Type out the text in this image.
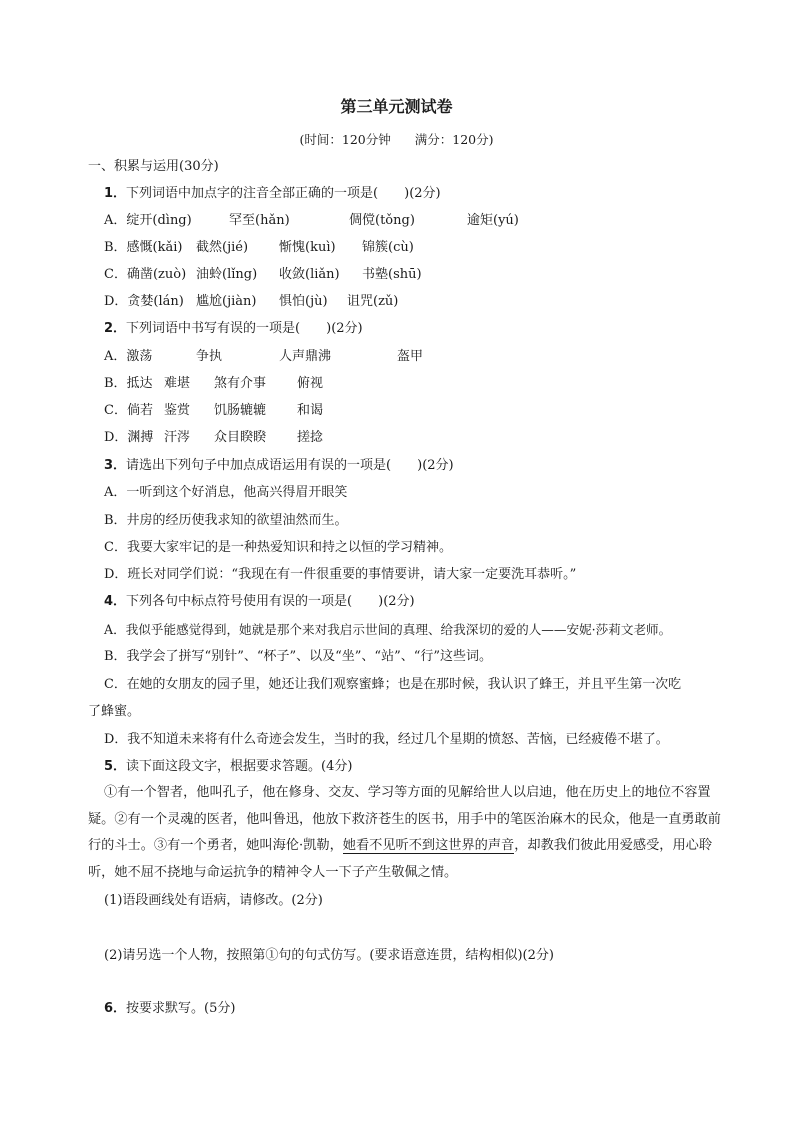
第三单元测试卷
(时间：120分钟 满分：120分)
一、积累与运用(30分)
1．下列词语中加点字的注音全部正确的一项是(　　)(2分)
A．绽开(dìng)	罕至(hǎn)	倜傥(tǒng)	逾矩(yú)
B．感慨(kǎi) 截然(jié) 惭愧(kuì) 锦簇(cù)
C．确凿(zuò) 油蛉(lǐng) 收敛(liǎn) 书塾(shū)
D．贪婪(lán) 尴尬(jiàn) 惧怕(jù) 诅咒(zǔ)
2．下列词语中书写有误的一项是(　　)(2分)
A．激荡	争执	人声鼎沸	盔甲
B．抵达 难堪 煞有介事 俯视
C．倘若 鉴赏 饥肠辘辘 和谒
D．渊搏 汗涔 众目睽睽 搓捻
3．请选出下列句子中加点成语运用有误的一项是(　　)(2分)
A．一听到这个好消息，他高兴得眉开眼笑
B．井房的经历使我求知的欲望油然而生。
C．我要大家牢记的是一种热爱知识和持之以恒的学习精神。
D．班长对同学们说：“我现在有一件很重要的事情要讲，请大家一定要洗耳恭听。”
4．下列各句中标点符号使用有误的一项是(　　)(2分)
A．我似乎能感觉得到，她就是那个来对我启示世间的真理、给我深切的爱的人——安妮·莎莉文老师。
B．我学会了拼写“别针”、“杯子”、以及“坐”、“站”、“行”这些词。
C．在她的女朋友的园子里，她还让我们观察蜜蜂；也是在那时候，我认识了蜂王，并且平生第一次吃
了蜂蜜。
D．我不知道未来将有什么奇迹会发生，当时的我，经过几个星期的愤怒、苦恼，已经疲倦不堪了。
5．读下面这段文字，根据要求答题。(4分)
①有一个智者，他叫孔子，他在修身、交友、学习等方面的见解给世人以启迪，他在历史上的地位不容置疑。②有一个灵魂的医者，他叫鲁迅，他放下救济苍生的医书，用手中的笔医治麻木的民众，他是一直勇敢前行的斗士。③有一个勇者，她叫海伦·凯勒，她看不见听不到这世界的声音，却教我们彼此用爱感受，用心聆听，她不屈不挠地与命运抗争的精神令人一下子产生敬佩之情。
(1)语段画线处有语病，请修改。(2分)
(2)请另选一个人物，按照第①句的句式仿写。(要求语意连贯，结构相似)(2分)
6．按要求默写。(5分)
